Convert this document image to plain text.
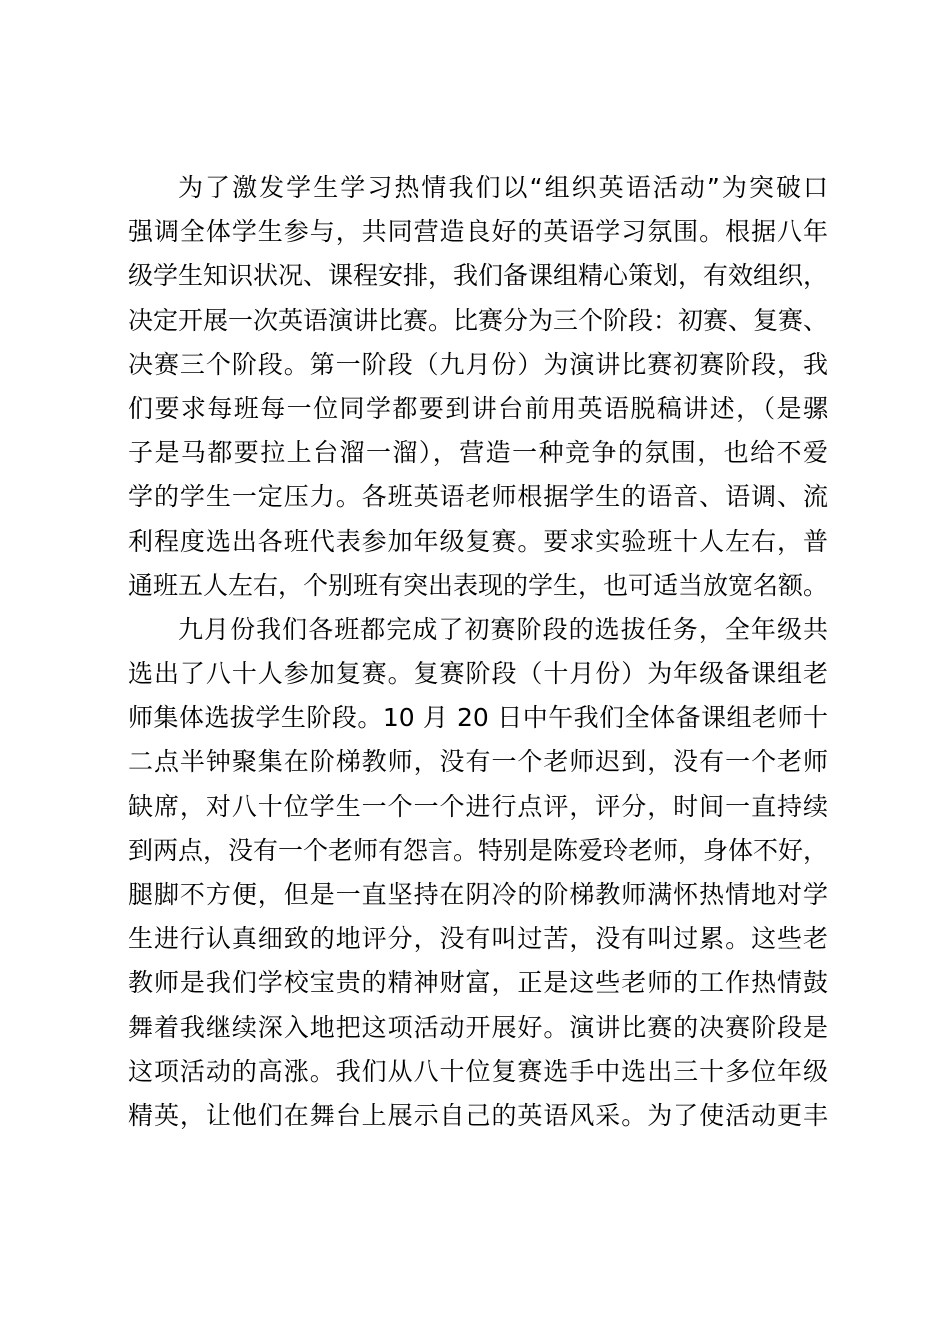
为了激发学生学习热情我们以“组织英语活动”为突破口
强调全体学生参与，共同营造良好的英语学习氛围。根据八年
级学生知识状况、课程安排，我们备课组精心策划，有效组织，
决定开展一次英语演讲比赛。比赛分为三个阶段：初赛、复赛、
决赛三个阶段。第一阶段（九月份）为演讲比赛初赛阶段，我
们要求每班每一位同学都要到讲台前用英语脱稿讲述，（是骡
子是马都要拉上台溜一溜），营造一种竞争的氛围，也给不爱
学的学生一定压力。各班英语老师根据学生的语音、语调、流
利程度选出各班代表参加年级复赛。要求实验班十人左右，普
通班五人左右，个别班有突出表现的学生，也可适当放宽名额。
九月份我们各班都完成了初赛阶段的选拔任务，全年级共
选出了八十人参加复赛。复赛阶段（十月份）为年级备课组老
师集体选拔学生阶段。10 月 20 日中午我们全体备课组老师十
二点半钟聚集在阶梯教师，没有一个老师迟到，没有一个老师
缺席，对八十位学生一个一个进行点评，评分，时间一直持续
到两点，没有一个老师有怨言。特别是陈爱玲老师，身体不好，
腿脚不方便，但是一直坚持在阴冷的阶梯教师满怀热情地对学
生进行认真细致的地评分，没有叫过苦，没有叫过累。这些老
教师是我们学校宝贵的精神财富，正是这些老师的工作热情鼓
舞着我继续深入地把这项活动开展好。演讲比赛的决赛阶段是
这项活动的高涨。我们从八十位复赛选手中选出三十多位年级
精英，让他们在舞台上展示自己的英语风采。为了使活动更丰
